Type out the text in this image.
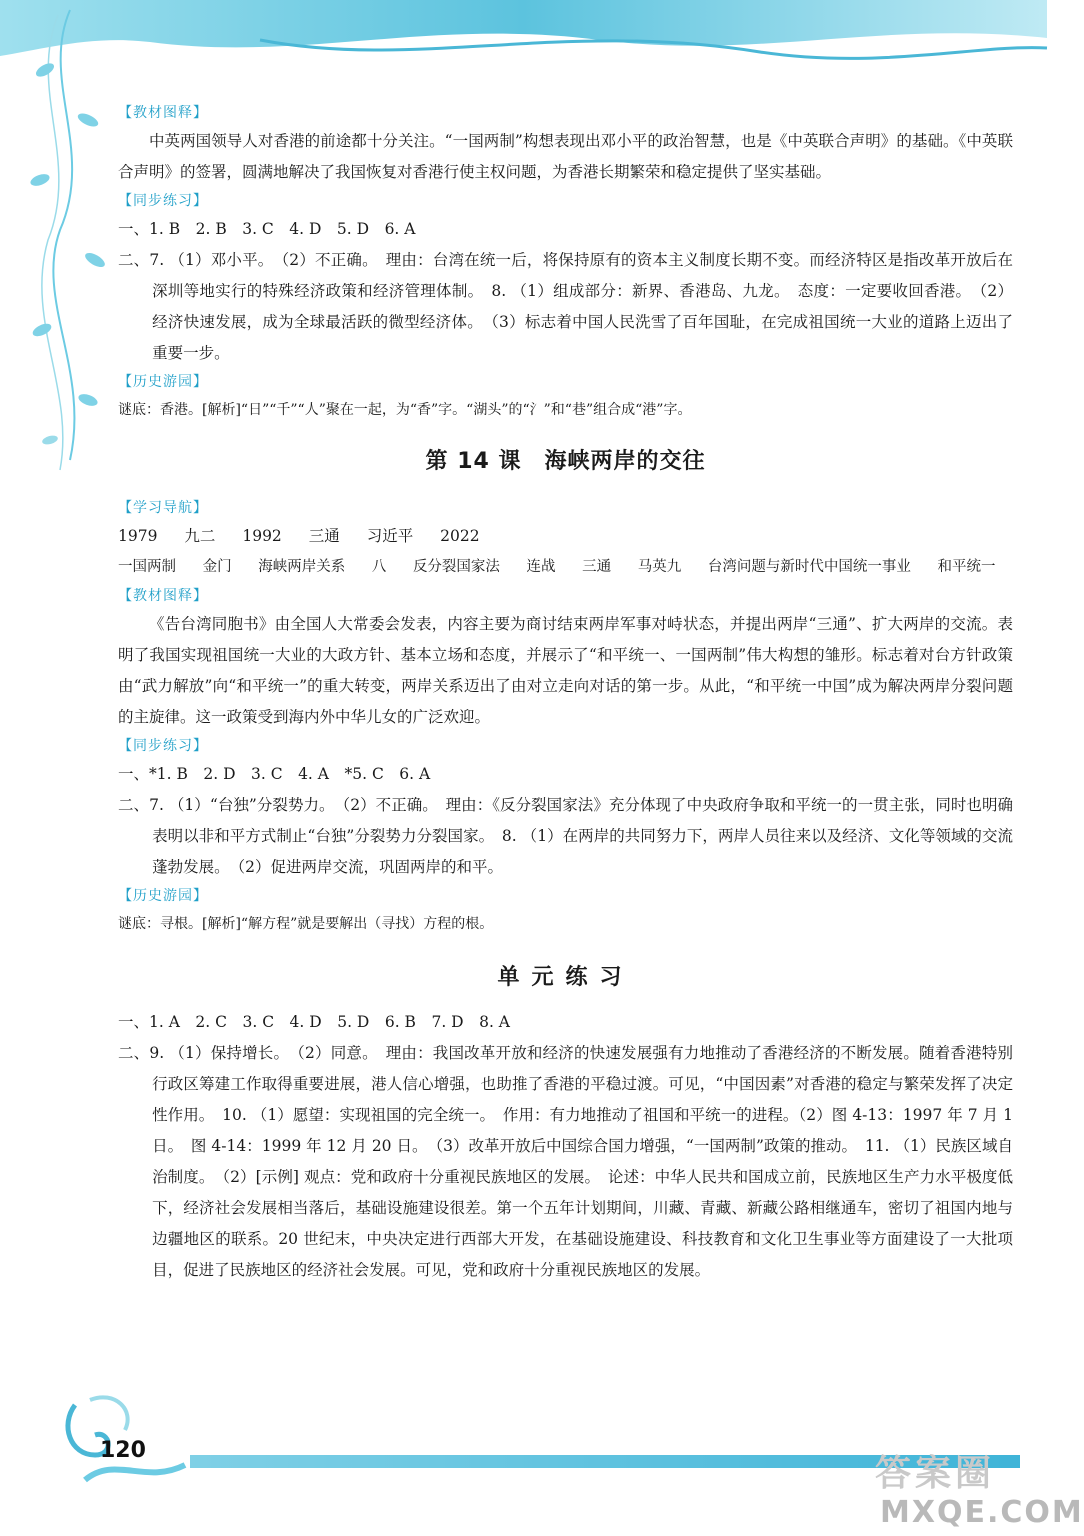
【教材图释】
中英两国领导人对香港的前途都十分关注。“一国两制”构想表现出邓小平的政治智慧，也是《中英联合声明》的基础。《中英联合声明》的签署，圆满地解决了我国恢复对香港行使主权问题，为香港长期繁荣和稳定提供了坚实基础。
【同步练习】
一、1. B　2. B　3. C　4. D　5. D　6. A
二、7. （1）邓小平。　（2）不正确。　理由：台湾在统一后，将保持原有的资本主义制度长期不变。而经济特区是指改革开放后在深圳等地实行的特殊经济政策和经济管理体制。　8. （1）组成部分：新界、香港岛、九龙。　态度：一定要收回香港。　（2）经济快速发展，成为全球最活跃的微型经济体。　（3）标志着中国人民洗雪了百年国耻，在完成祖国统一大业的道路上迈出了重要一步。
【历史游园】
谜底：香港。[解析]“日”“千”“人”聚在一起，为“香”字。“湖头”的“氵”和“巷”组合成“港”字。
第 14 课　海峡两岸的交往
【学习导航】
1979 九二 1992 三通 习近平 2022
一国两制 金门 海峡两岸关系 八 反分裂国家法 连战 三通 马英九 台湾问题与新时代中国统一事业 和平统一
【教材图释】
《告台湾同胞书》由全国人大常委会发表，内容主要为商讨结束两岸军事对峙状态，并提出两岸“三通”、扩大两岸的交流。表明了我国实现祖国统一大业的大政方针、基本立场和态度，并展示了“和平统一、一国两制”伟大构想的雏形。标志着对台方针政策由“武力解放”向“和平统一”的重大转变，两岸关系迈出了由对立走向对话的第一步。从此，“和平统一中国”成为解决两岸分裂问题的主旋律。这一政策受到海内外中华儿女的广泛欢迎。
【同步练习】
一、*1. B　2. D　3. C　4. A　*5. C　6. A
二、7. （1）“台独”分裂势力。　（2）不正确。　理由：《反分裂国家法》充分体现了中央政府争取和平统一的一贯主张，同时也明确表明以非和平方式制止“台独”分裂势力分裂国家。　8. （1）在两岸的共同努力下，两岸人员往来以及经济、文化等领域的交流蓬勃发展。　（2）促进两岸交流，巩固两岸的和平。
【历史游园】
谜底：寻根。[解析]“解方程”就是要解出（寻找）方程的根。
单元练习
一、1. A　2. C　3. C　4. D　5. D　6. B　7. D　8. A
二、9. （1）保持增长。　（2）同意。　理由：我国改革开放和经济的快速发展强有力地推动了香港经济的不断发展。随着香港特别行政区筹建工作取得重要进展，港人信心增强，也助推了香港的平稳过渡。可见，“中国因素”对香港的稳定与繁荣发挥了决定性作用。　10. （1）愿望：实现祖国的完全统一。　作用：有力地推动了祖国和平统一的进程。（2）图 4-13：1997 年 7 月 1 日。　图 4-14：1999 年 12 月 20 日。　（3）改革开放后中国综合国力增强，“一国两制”政策的推动。　11. （1）民族区域自治制度。　（2）[示例] 观点：党和政府十分重视民族地区的发展。　论述：中华人民共和国成立前，民族地区生产力水平极度低下，经济社会发展相当落后，基础设施建设很差。第一个五年计划期间，川藏、青藏、新藏公路相继通车，密切了祖国内地与边疆地区的联系。20 世纪末，中央决定进行西部大开发，在基础设施建设、科技教育和文化卫生事业等方面建设了一大批项目，促进了民族地区的经济社会发展。可见，党和政府十分重视民族地区的发展。
120
答案圈
MXQE.COM
